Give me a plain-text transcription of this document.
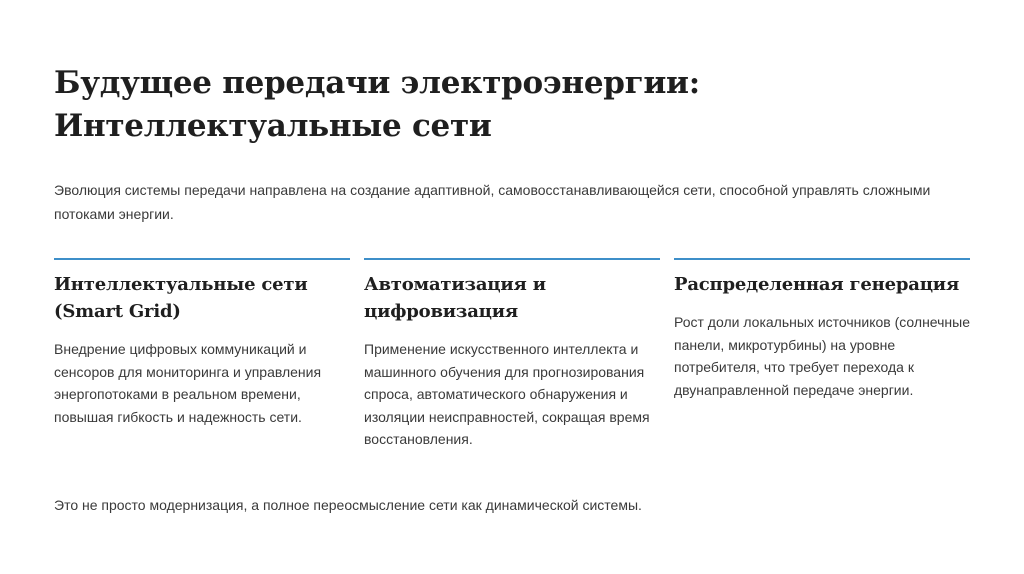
Будущее передачи электроэнергии:
Интеллектуальные сети

Эволюция системы передачи направлена на создание адаптивной, самовосстанавливающейся сети, способной управлять сложными потоками энергии.

Интеллектуальные сети (Smart Grid)

Внедрение цифровых коммуникаций и сенсоров для мониторинга и управления энергопотоками в реальном времени, повышая гибкость и надежность сети.

Автоматизация и цифровизация

Применение искусственного интеллекта и машинного обучения для прогнозирования спроса, автоматического обнаружения и изоляции неисправностей, сокращая время восстановления.

Распределенная генерация

Рост доли локальных источников (солнечные панели, микротурбины) на уровне потребителя, что требует перехода к двунаправленной передаче энергии.

Это не просто модернизация, а полное переосмысление сети как динамической системы.
